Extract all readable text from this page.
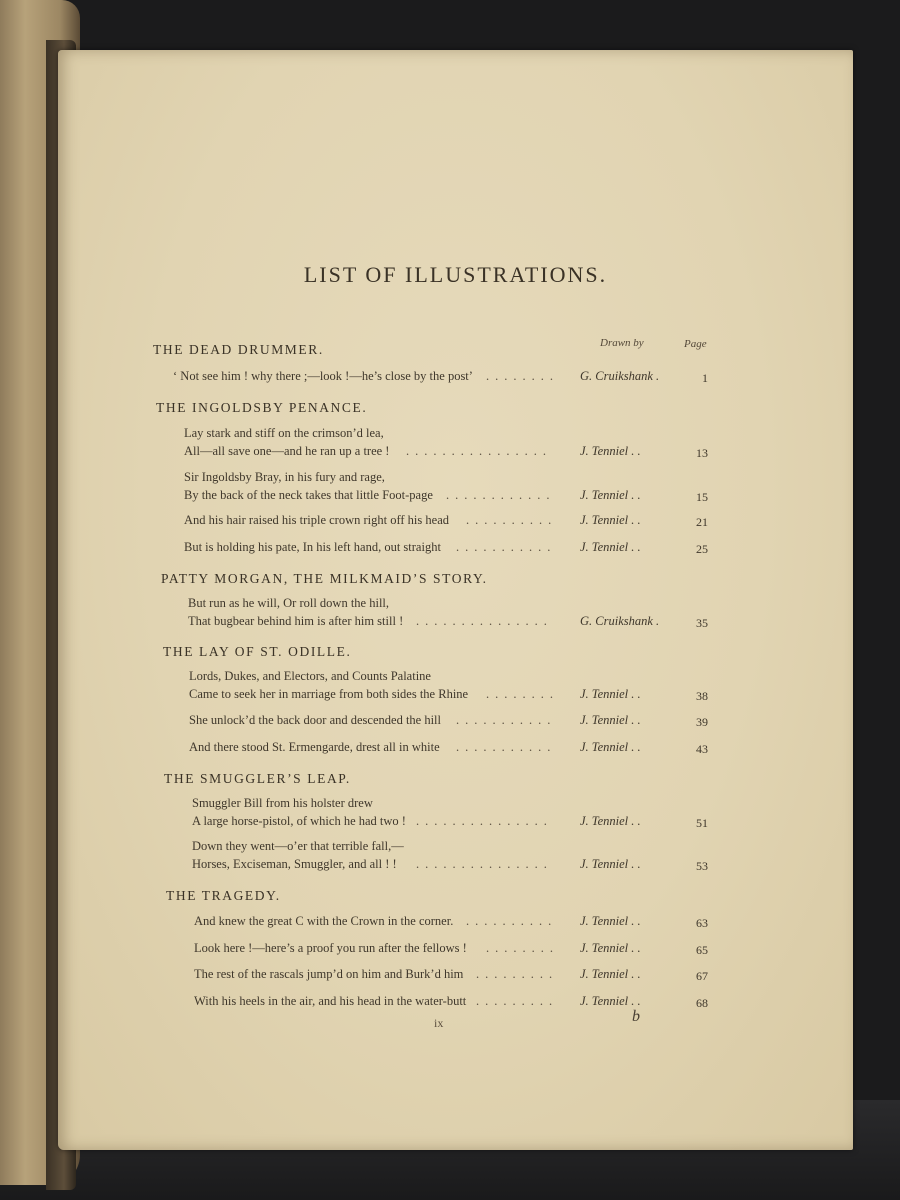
LIST OF ILLUSTRATIONS.
Drawn by	Page
THE DEAD DRUMMER.
‘ Not see him ! why there ;—look !—he’s close by the post’ ........ G. Cruikshank .	1
THE INGOLDSBY PENANCE.
Lay stark and stiff on the crimson’d lea,
All—all save one—and he ran up a tree ! ................ J. Tenniel . .	13
Sir Ingoldsby Bray, in his fury and rage,
By the back of the neck takes that little Foot-page ............ J. Tenniel . .	15
And his hair raised his triple crown right off his head .......... J. Tenniel . .	21
But is holding his pate, In his left hand, out straight ........... J. Tenniel . .	25
PATTY MORGAN, THE MILKMAID’S STORY.
But run as he will, Or roll down the hill,
That bugbear behind him is after him still ! ............... G. Cruikshank .	35
THE LAY OF ST. ODILLE.
Lords, Dukes, and Electors, and Counts Palatine
Came to seek her in marriage from both sides the Rhine ........ J. Tenniel . .	38
She unlock’d the back door and descended the hill ........... J. Tenniel . .	39
And there stood St. Ermengarde, drest all in white ........... J. Tenniel . .	43
THE SMUGGLER’S LEAP.
Smuggler Bill from his holster drew
A large horse-pistol, of which he had two ! ............... J. Tenniel . .	51
Down they went—o’er that terrible fall,—
Horses, Exciseman, Smuggler, and all ! ! ............... J. Tenniel . .	53
THE TRAGEDY.
And knew the great C with the Crown in the corner. .......... J. Tenniel . .	63
Look here !—here’s a proof you run after the fellows ! ........ J. Tenniel . .	65
The rest of the rascals jump’d on him and Burk’d him ......... J. Tenniel . .	67
With his heels in the air, and his head in the water-butt ......... J. Tenniel . .	68
ix	b
